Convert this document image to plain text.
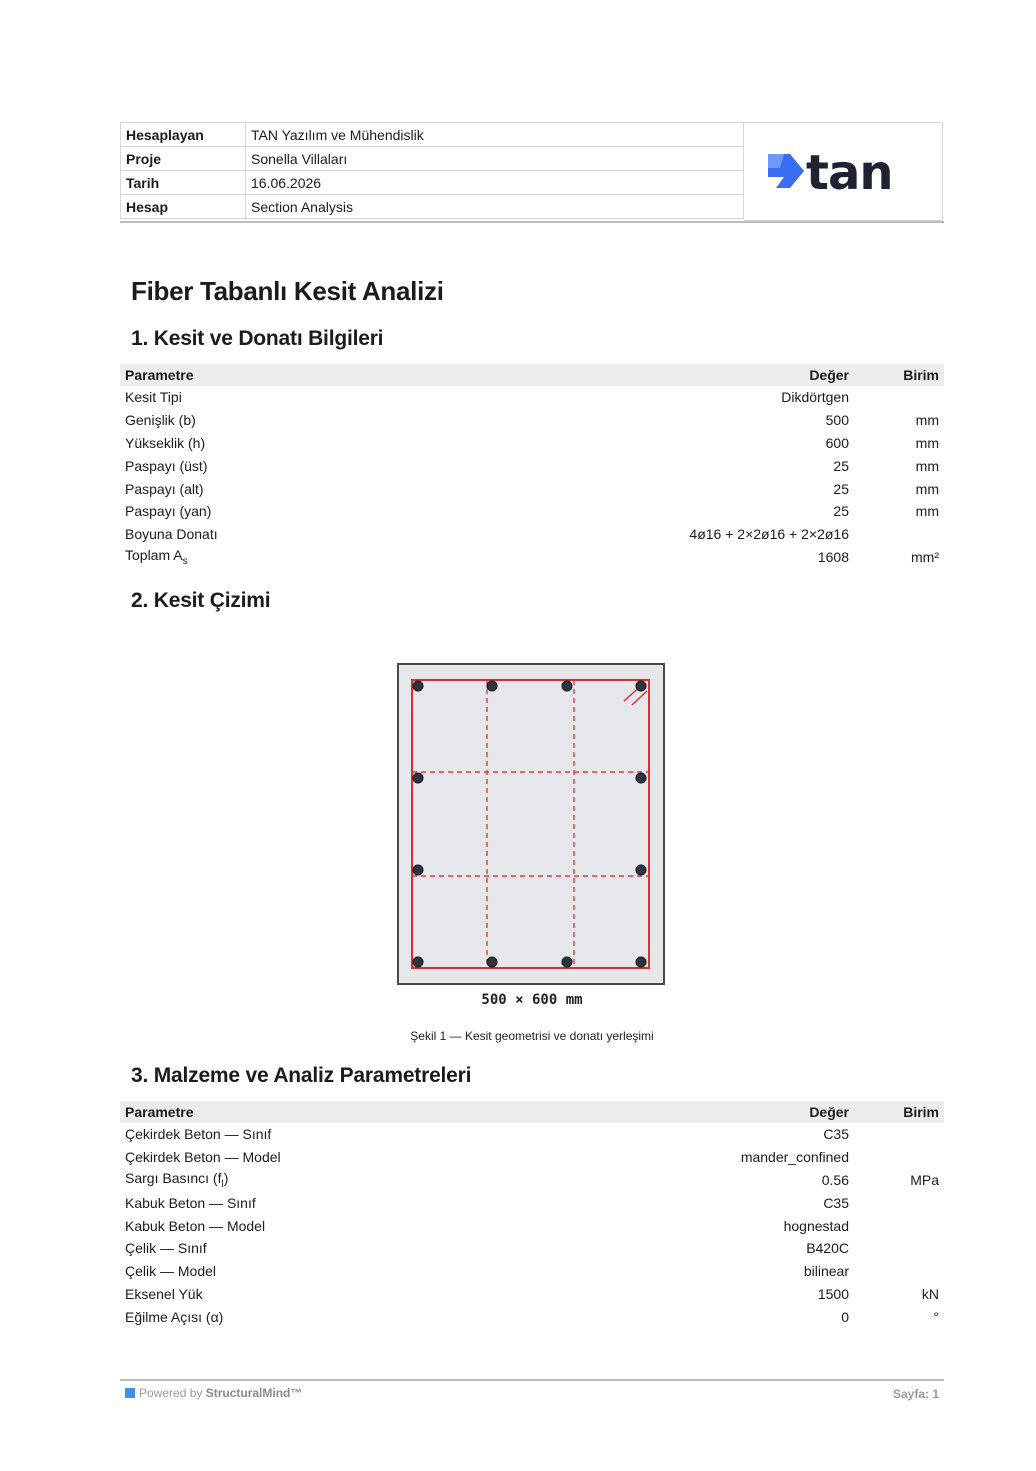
Hesaplayan	TAN Yazılım ve Mühendislik
Proje	Sonella Villaları
Tarih	16.06.2026
Hesap	Section Analysis
tan
Fiber Tabanlı Kesit Analizi
1. Kesit ve Donatı Bilgileri
Parametre	Değer	Birim
Kesit Tipi	Dikdörtgen	
Genişlik (b)	500	mm
Yükseklik (h)	600	mm
Paspayı (üst)	25	mm
Paspayı (alt)	25	mm
Paspayı (yan)	25	mm
Boyuna Donatı	4ø16 + 2×2ø16 + 2×2ø16	
Toplam $A_s$	1608	mm²
2. Kesit Çizimi
500 × 600 mm
Şekil 1 — Kesit geometrisi ve donatı yerleşimi
3. Malzeme ve Analiz Parametreleri
Parametre	Değer	Birim
Çekirdek Beton — Sınıf	C35	
Çekirdek Beton — Model	mander_confined	
Sargı Basıncı $(f_l)$	0.56	MPa
Kabuk Beton — Sınıf	C35	
Kabuk Beton — Model	hognestad	
Çelik — Sınıf	B420C	
Çelik — Model	bilinear	
Eksenel Yük	1500	kN
Eğilme Açısı (α)	0	°
Powered by StructuralMind™	Sayfa: 1
